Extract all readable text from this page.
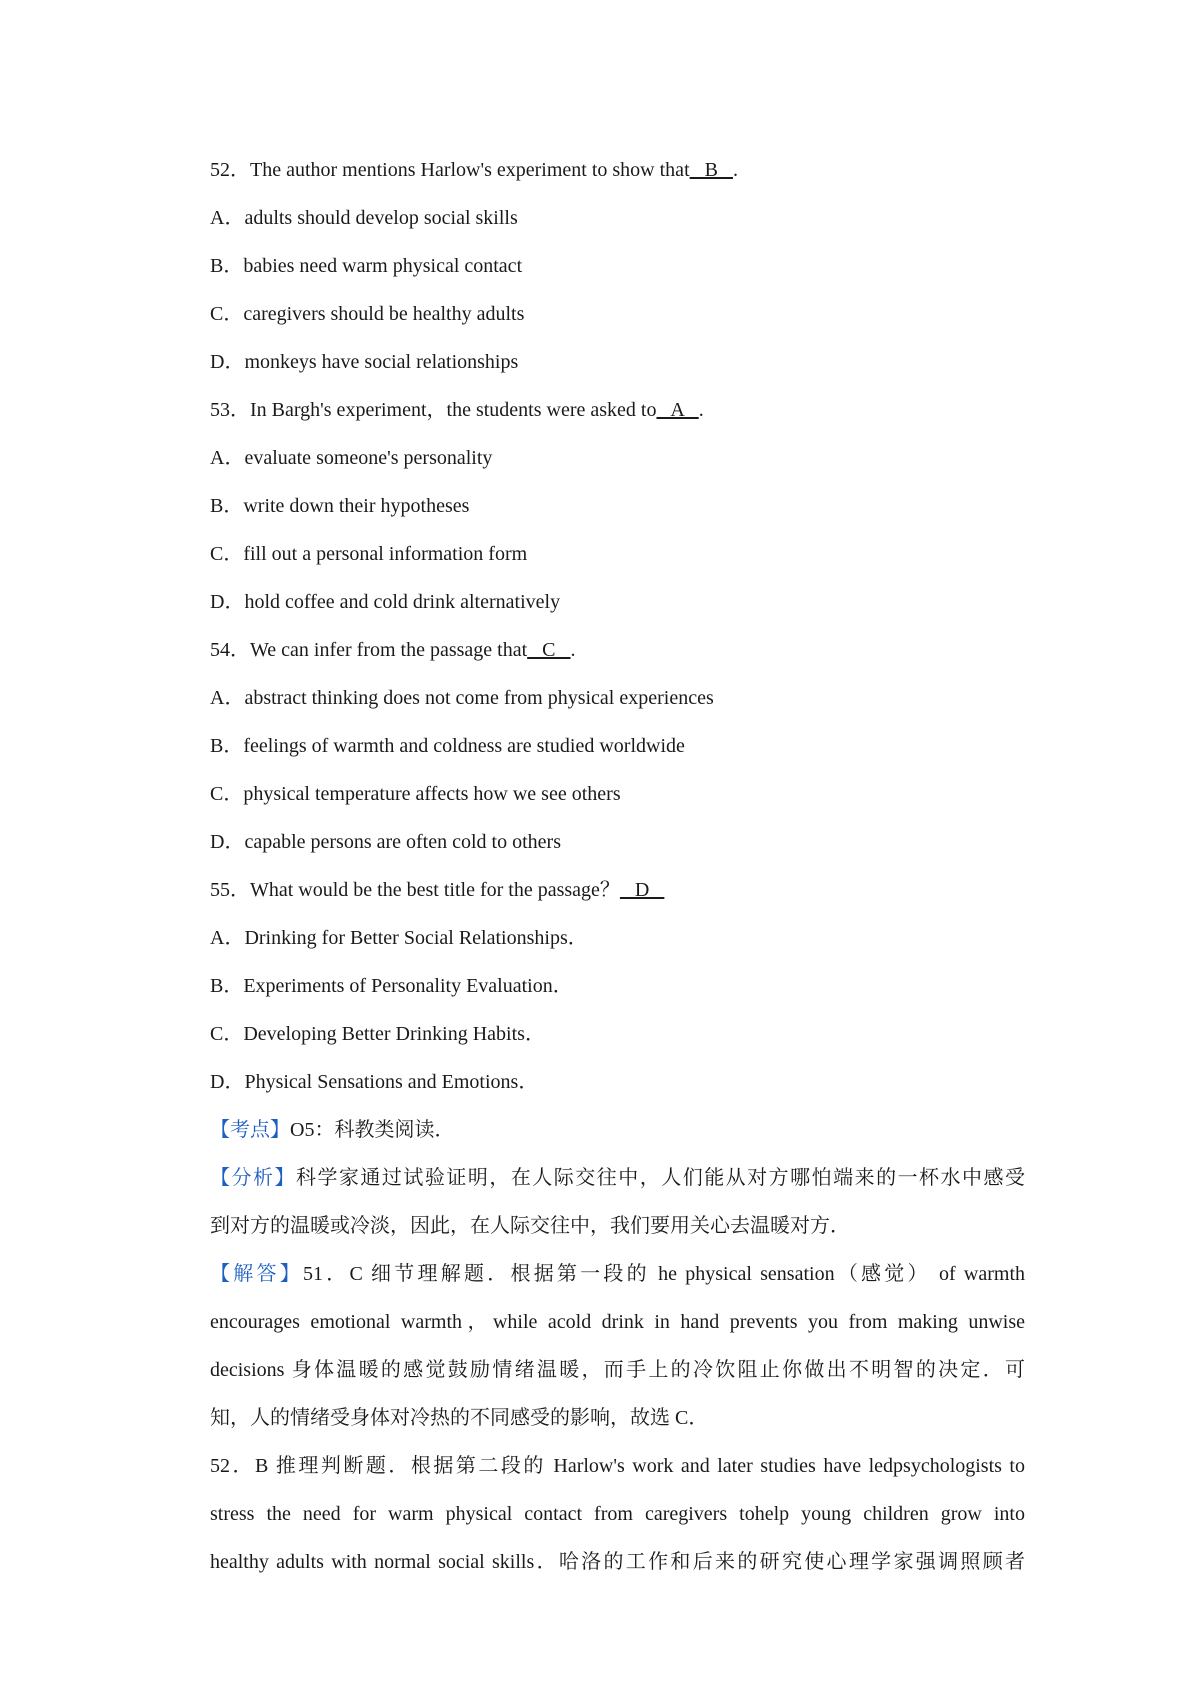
52．The author mentions Harlow's experiment to show that   B   .
A．adults should develop social skills
B．babies need warm physical contact
C．caregivers should be healthy adults
D．monkeys have social relationships
53．In Bargh's experiment，the students were asked to   A   .
A．evaluate someone's personality
B．write down their hypotheses
C．fill out a personal information form
D．hold coffee and cold drink alternatively
54．We can infer from the passage that   C   .
A．abstract thinking does not come from physical experiences
B．feelings of warmth and coldness are studied worldwide
C．physical temperature affects how we see others
D．capable persons are often cold to others
55．What would be the best title for the passage？   D
A．Drinking for Better Social Relationships．
B．Experiments of Personality Evaluation．
C．Developing Better Drinking Habits．
D．Physical Sensations and Emotions．
【考点】O5：科教类阅读．
【分析】科学家通过试验证明，在人际交往中，人们能从对方哪怕端来的一杯水中感受
到对方的温暖或冷淡，因此，在人际交往中，我们要用关心去温暖对方．
【解答】51．C 细节理解题．根据第一段的 he physical sensation（感觉） of warmth
encourages emotional warmth，while acold drink in hand prevents you from making unwise
decisions 身体温暖的感觉鼓励情绪温暖，而手上的冷饮阻止你做出不明智的决定．可
知，人的情绪受身体对冷热的不同感受的影响，故选 C．
52．B 推理判断题．根据第二段的 Harlow's work and later studies have ledpsychologists to
stress the need for warm physical contact from caregivers tohelp young children grow into
healthy adults with normal social skills．哈洛的工作和后来的研究使心理学家强调照顾者
